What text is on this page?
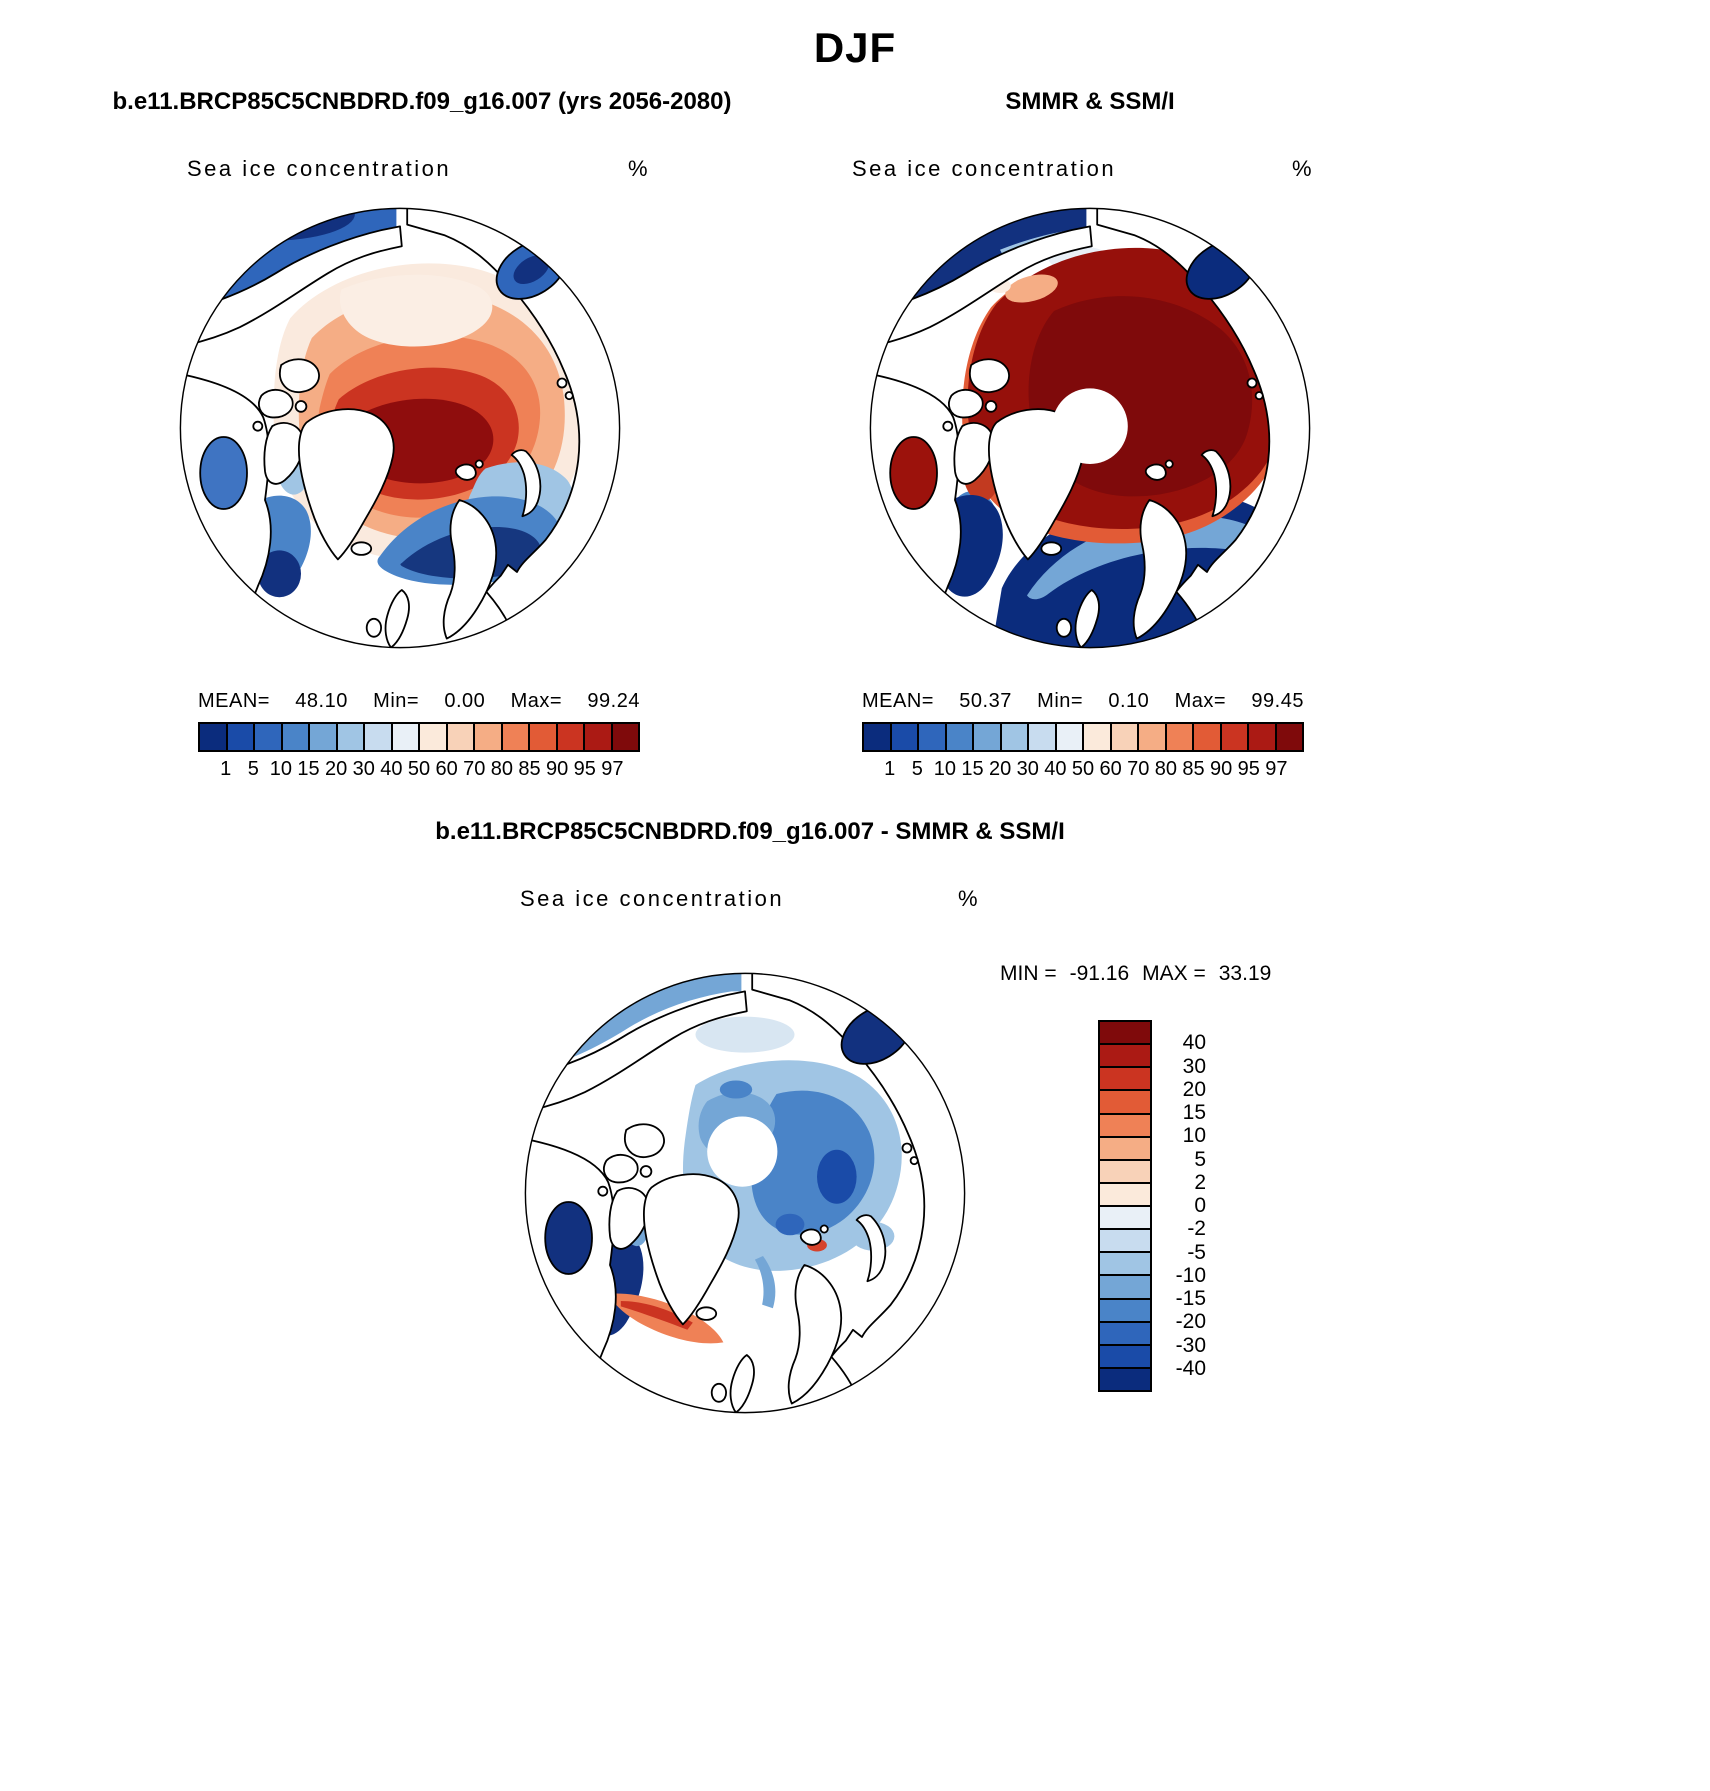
DJF
b.e11.BRCP85C5CNBDRD.f09_g16.007 (yrs 2056-2080)	SMMR & SSM/I
Sea ice concentration	%
MEAN= 48.10 Min= 0.00 Max= 99.24
1 5 10 15 20 30 40 50 60 70 80 85 90 95 97
Sea ice concentration	%
MEAN= 50.37 Min= 0.10 Max= 99.45
1 5 10 15 20 30 40 50 60 70 80 85 90 95 97
b.e11.BRCP85C5CNBDRD.f09_g16.007 - SMMR & SSM/I
Sea ice concentration	%
MIN = -91.16 MAX = 33.19
40
30
20
15
10
5
2
0
-2
-5
-10
-15
-20
-30
-40
